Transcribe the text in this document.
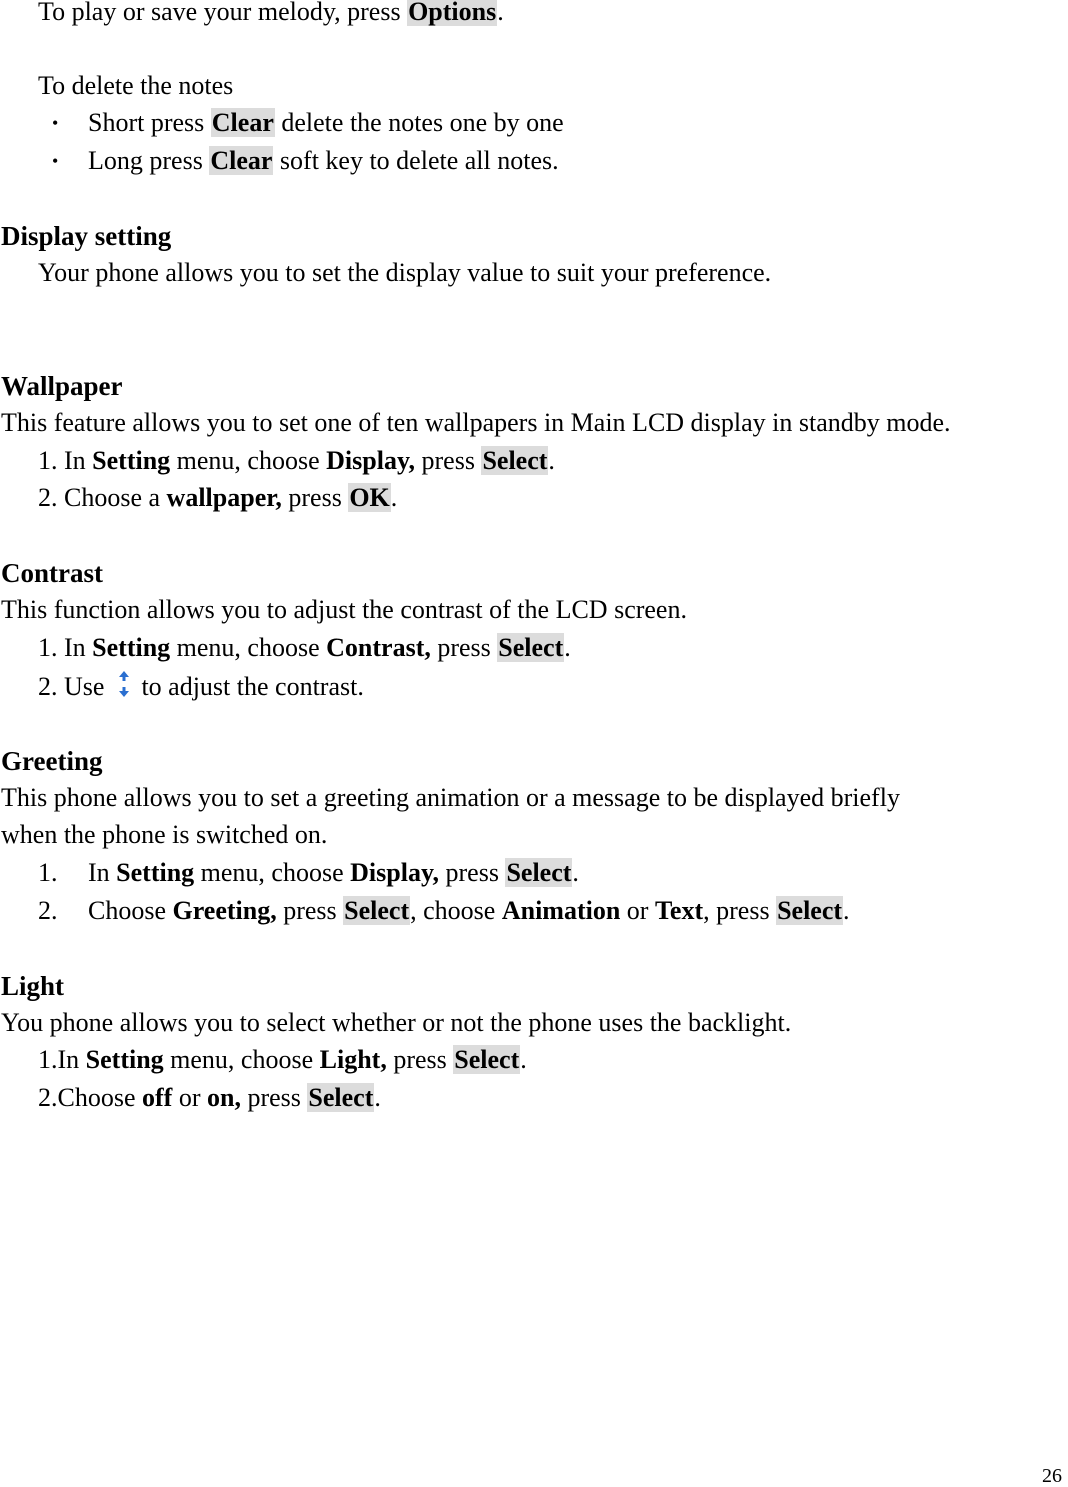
To play or save your melody, press Options.
To delete the notes
• Short press Clear delete the notes one by one
• Long press Clear soft key to delete all notes.
Display setting
Your phone allows you to set the display value to suit your preference.
Wallpaper
This feature allows you to set one of ten wallpapers in Main LCD display in standby mode.
1. In Setting menu, choose Display, press Select.
2. Choose a wallpaper, press OK.
Contrast
This function allows you to adjust the contrast of the LCD screen.
1. In Setting menu, choose Contrast, press Select.
2. Use  to adjust the contrast.
Greeting
This phone allows you to set a greeting animation or a message to be displayed briefly
when the phone is switched on.
1. In Setting menu, choose Display, press Select.
2. Choose Greeting, press Select, choose Animation or Text, press Select.
Light
You phone allows you to select whether or not the phone uses the backlight.
1.In Setting menu, choose Light, press Select.
2.Choose off or on, press Select.
26
